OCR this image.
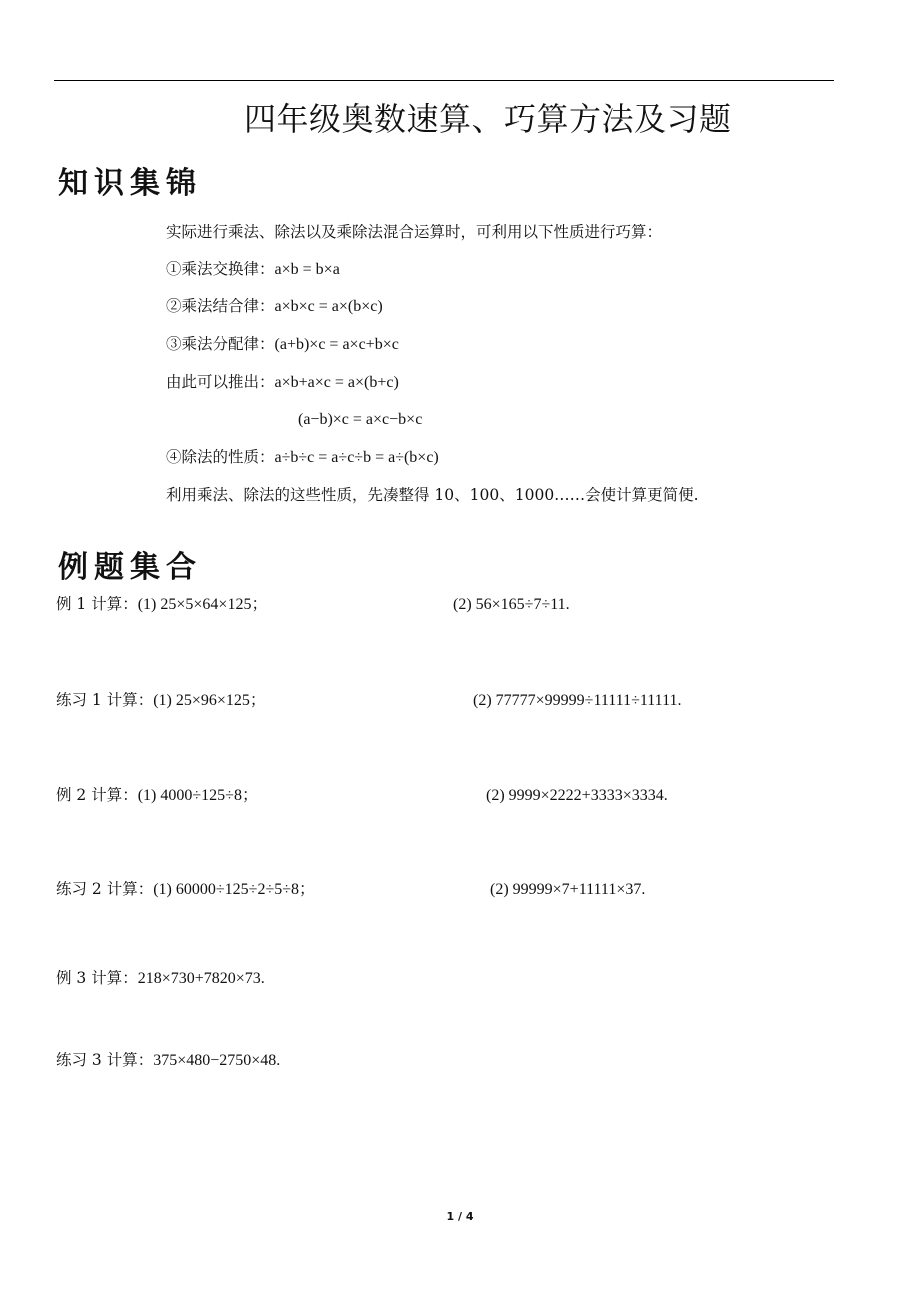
四年级奥数速算、巧算方法及习题
知识集锦
实际进行乘法、除法以及乘除法混合运算时，可利用以下性质进行巧算：
①乘法交换律：a×b = b×a
②乘法结合律：a×b×c = a×(b×c)
③乘法分配律：(a+b)×c = a×c+b×c
由此可以推出：a×b+a×c = a×(b+c)
(a−b)×c = a×c−b×c
④除法的性质：a÷b÷c = a÷c÷b = a÷(b×c)
利用乘法、除法的这些性质，先凑整得 10、100、1000……会使计算更简便.
例题集合
例 1 计算：(1) 25×5×64×125；	(2) 56×165÷7÷11.
练习 1 计算：(1) 25×96×125；	(2) 77777×99999÷11111÷11111.
例 2 计算：(1) 4000÷125÷8；	(2) 9999×2222+3333×3334.
练习 2 计算：(1) 60000÷125÷2÷5÷8；	(2) 99999×7+11111×37.
例 3 计算：218×730+7820×73.
练习 3 计算：375×480−2750×48.
1 / 4
